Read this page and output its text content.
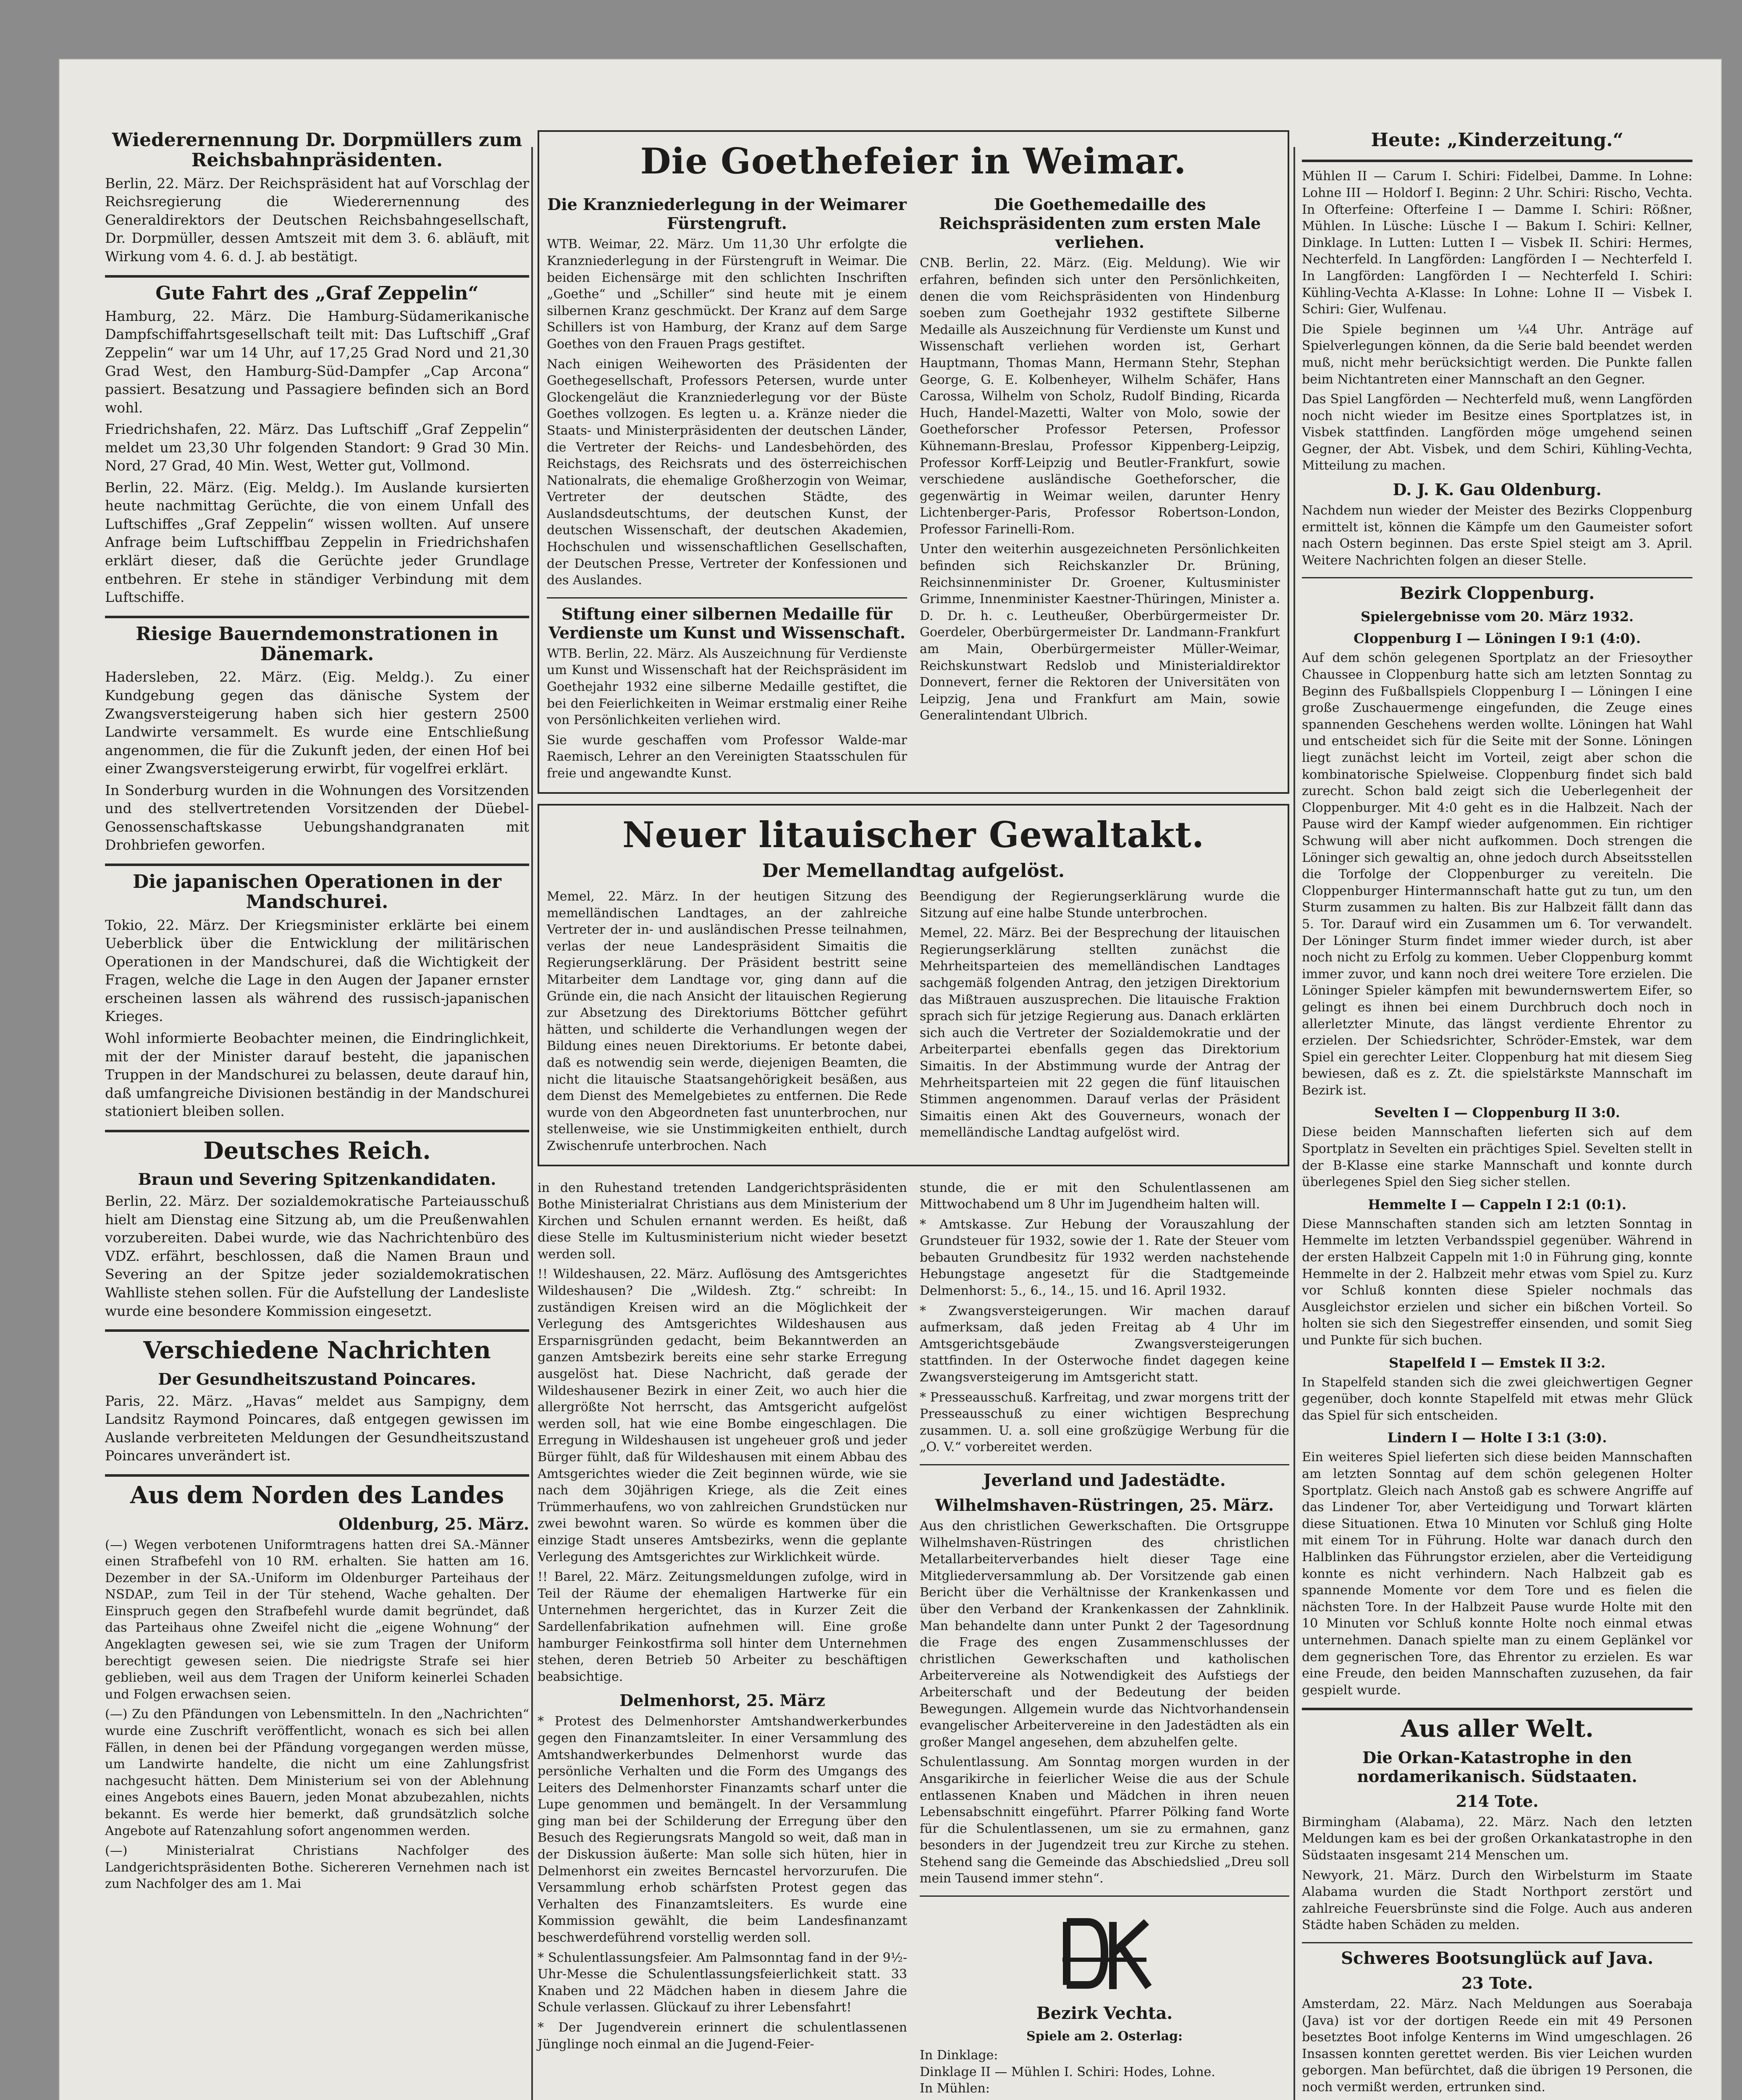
Wiederernennung Dr. Dorpmüllers zum Reichsbahnpräsidenten.

Berlin, 22. März. Der Reichspräsident hat auf Vorschlag der Reichsregierung die Wiederernennung des Generaldirektors der Deutschen Reichsbahngesellschaft, Dr. Dorpmüller, dessen Amtszeit mit dem 3. 6. abläuft, mit Wirkung vom 4. 6. d. J. ab bestätigt.

Gute Fahrt des „Graf Zeppelin“

Hamburg, 22. März. Die Hamburg-Südamerikanische Dampfschiffahrtsgesellschaft teilt mit: Das Luftschiff „Graf Zeppelin“ war um 14 Uhr, auf 17,25 Grad Nord und 21,30 Grad West, den Hamburg-Süd-Dampfer „Cap Arcona“ passiert. Besatzung und Passagiere befinden sich an Bord wohl.

Friedrichshafen, 22. März. Das Luftschiff „Graf Zeppelin“ meldet um 23,30 Uhr folgenden Standort: 9 Grad 30 Min. Nord, 27 Grad, 40 Min. West, Wetter gut, Vollmond.

Berlin, 22. März. (Eig. Meldg.). Im Auslande kursierten heute nachmittag Gerüchte, die von einem Unfall des Luftschiffes „Graf Zeppelin“ wissen wollten. Auf unsere Anfrage beim Luftschiffbau Zeppelin in Friedrichshafen erklärt dieser, daß die Gerüchte jeder Grundlage entbehren. Er stehe in ständiger Verbindung mit dem Luftschiffe.

Riesige Bauerndemonstrationen in Dänemark.

Hadersleben, 22. März. (Eig. Meldg.). Zu einer Kundgebung gegen das dänische System der Zwangsversteigerung haben sich hier gestern 2500 Landwirte versammelt. Es wurde eine Entschließung angenommen, die für die Zukunft jeden, der einen Hof bei einer Zwangsversteigerung erwirbt, für vogelfrei erklärt.

In Sonderburg wurden in die Wohnungen des Vorsitzenden und des stellvertretenden Vorsitzenden der Düebel-Genossenschaftskasse Uebungshandgranaten mit Drohbriefen geworfen.

Die japanischen Operationen in der Mandschurei.

Tokio, 22. März. Der Kriegsminister erklärte bei einem Ueberblick über die Entwicklung der militärischen Operationen in der Mandschurei, daß die Wichtigkeit der Fragen, welche die Lage in den Augen der Japaner ernster erscheinen lassen als während des russisch-japanischen Krieges.

Wohl informierte Beobachter meinen, die Eindringlichkeit, mit der der Minister darauf besteht, die japanischen Truppen in der Mandschurei zu belassen, deute darauf hin, daß umfangreiche Divisionen beständig in der Mandschurei stationiert bleiben sollen.

Deutsches Reich.
Braun und Severing Spitzenkandidaten.

Berlin, 22. März. Der sozialdemokratische Parteiausschuß hielt am Dienstag eine Sitzung ab, um die Preußenwahlen vorzubereiten. Dabei wurde, wie das Nachrichtenbüro des VDZ. erfährt, beschlossen, daß die Namen Braun und Severing an der Spitze jeder sozialdemokratischen Wahlliste stehen sollen. Für die Aufstellung der Landesliste wurde eine besondere Kommission eingesetzt.

Verschiedene Nachrichten
Der Gesundheitszustand Poincares.

Paris, 22. März. „Havas“ meldet aus Sampigny, dem Landsitz Raymond Poincares, daß entgegen gewissen im Auslande verbreiteten Meldungen der Gesundheitszustand Poincares unverändert ist.

Aus dem Norden des Landes
Oldenburg, 25. März.

(—) Wegen verbotenen Uniformtragens hatten drei SA.-Männer einen Strafbefehl von 10 RM. erhalten. Sie hatten am 16. Dezember in der SA.-Uniform im Oldenburger Parteihaus der NSDAP., zum Teil in der Tür stehend, Wache gehalten. Der Einspruch gegen den Strafbefehl wurde damit begründet, daß das Parteihaus ohne Zweifel nicht die „eigene Wohnung“ der Angeklagten gewesen sei, wie sie zum Tragen der Uniform berechtigt gewesen seien. Die niedrigste Strafe sei hier geblieben, weil aus dem Tragen der Uniform keinerlei Schaden und Folgen erwachsen seien.

(—) Zu den Pfändungen von Lebensmitteln. In den „Nachrichten“ wurde eine Zuschrift veröffentlicht, wonach es sich bei allen Fällen, in denen bei der Pfändung vorgegangen werden müsse, um Landwirte handelte, die nicht um eine Zahlungsfrist nachgesucht hätten. Dem Ministerium sei von der Ablehnung eines Angebots eines Bauern, jeden Monat abzubezahlen, nichts bekannt. Es werde hier bemerkt, daß grundsätzlich solche Angebote auf Ratenzahlung sofort angenommen werden.

(—) Ministerialrat Christians Nachfolger des Landgerichtspräsidenten Bothe. Sichereren Vernehmen nach ist zum Nachfolger des am 1. Mai

Die Goethefeier in Weimar.
Die Kranzniederlegung in der Weimarer Fürstengruft.

WTB. Weimar, 22. März. Um 11,30 Uhr erfolgte die Kranzniederlegung in der Fürstengruft in Weimar. Die beiden Eichensärge mit den schlichten Inschriften „Goethe“ und „Schiller“ sind heute mit je einem silbernen Kranz geschmückt. Der Kranz auf dem Sarge Schillers ist von Hamburg, der Kranz auf dem Sarge Goethes von den Frauen Prags gestiftet.

Nach einigen Weiheworten des Präsidenten der Goethegesellschaft, Professors Petersen, wurde unter Glockengeläut die Kranzniederlegung vor der Büste Goethes vollzogen. Es legten u. a. Kränze nieder die Staats- und Ministerpräsidenten der deutschen Länder, die Vertreter der Reichs- und Landesbehörden, des Reichstags, des Reichsrats und des österreichischen Nationalrats, die ehemalige Großherzogin von Weimar, Vertreter der deutschen Städte, des Auslandsdeutschtums, der deutschen Kunst, der deutschen Wissenschaft, der deutschen Akademien, Hochschulen und wissenschaftlichen Gesellschaften, der Deutschen Presse, Vertreter der Konfessionen und des Auslandes.

Stiftung einer silbernen Medaille für Verdienste um Kunst und Wissenschaft.

WTB. Berlin, 22. März. Als Auszeichnung für Verdienste um Kunst und Wissenschaft hat der Reichspräsident im Goethejahr 1932 eine silberne Medaille gestiftet, die bei den Feierlichkeiten in Weimar erstmalig einer Reihe von Persönlichkeiten verliehen wird.

Sie wurde geschaffen vom Professor Walde-mar Raemisch, Lehrer an den Vereinigten Staatsschulen für freie und angewandte Kunst.

Die Goethemedaille des Reichspräsidenten zum ersten Male verliehen.

CNB. Berlin, 22. März. (Eig. Meldung). Wie wir erfahren, befinden sich unter den Persönlichkeiten, denen die vom Reichspräsidenten von Hindenburg soeben zum Goethejahr 1932 gestiftete Silberne Medaille als Auszeichnung für Verdienste um Kunst und Wissenschaft verliehen worden ist, Gerhart Hauptmann, Thomas Mann, Hermann Stehr, Stephan George, G. E. Kolbenheyer, Wilhelm Schäfer, Hans Carossa, Wilhelm von Scholz, Rudolf Binding, Ricarda Huch, Handel-Mazetti, Walter von Molo, sowie der Goetheforscher Professor Petersen, Professor Kühnemann-Breslau, Professor Kippenberg-Leipzig, Professor Korff-Leipzig und Beutler-Frankfurt, sowie verschiedene ausländische Goetheforscher, die gegenwärtig in Weimar weilen, darunter Henry Lichtenberger-Paris, Professor Robertson-London, Professor Farinelli-Rom.

Unter den weiterhin ausgezeichneten Persönlichkeiten befinden sich Reichskanzler Dr. Brüning, Reichsinnenminister Dr. Groener, Kultusminister Grimme, Innenminister Kaestner-Thüringen, Minister a. D. Dr. h. c. Leutheußer, Oberbürgermeister Dr. Goerdeler, Oberbürgermeister Dr. Landmann-Frankfurt am Main, Oberbürgermeister Müller-Weimar, Reichskunstwart Redslob und Ministerialdirektor Donnevert, ferner die Rektoren der Universitäten von Leipzig, Jena und Frankfurt am Main, sowie Generalintendant Ulbrich.

Neuer litauischer Gewaltakt.
Der Memellandtag aufgelöst.

Memel, 22. März. In der heutigen Sitzung des memelländischen Landtages, an der zahlreiche Vertreter der in- und ausländischen Presse teilnahmen, verlas der neue Landespräsident Simaitis die Regierungserklärung. Der Präsident bestritt seine Mitarbeiter dem Landtage vor, ging dann auf die Gründe ein, die nach Ansicht der litauischen Regierung zur Absetzung des Direktoriums Böttcher geführt hätten, und schilderte die Verhandlungen wegen der Bildung eines neuen Direktoriums. Er betonte dabei, daß es notwendig sein werde, diejenigen Beamten, die nicht die litauische Staatsangehörigkeit besäßen, aus dem Dienst des Memelgebietes zu entfernen. Die Rede wurde von den Abgeordneten fast ununterbrochen, nur stellenweise, wie sie Unstimmigkeiten enthielt, durch Zwischenrufe unterbrochen. Nach

Beendigung der Regierungserklärung wurde die Sitzung auf eine halbe Stunde unterbrochen.

Memel, 22. März. Bei der Besprechung der litauischen Regierungserklärung stellten zunächst die Mehrheitsparteien des memelländischen Landtages sachgemäß folgenden Antrag, den jetzigen Direktorium das Mißtrauen auszusprechen. Die litauische Fraktion sprach sich für jetzige Regierung aus. Danach erklärten sich auch die Vertreter der Sozialdemokratie und der Arbeiterpartei ebenfalls gegen das Direktorium Simaitis. In der Abstimmung wurde der Antrag der Mehrheitsparteien mit 22 gegen die fünf litauischen Stimmen angenommen. Darauf verlas der Präsident Simaitis einen Akt des Gouverneurs, wonach der memelländische Landtag aufgelöst wird.

in den Ruhestand tretenden Landgerichtspräsidenten Bothe Ministerialrat Christians aus dem Ministerium der Kirchen und Schulen ernannt werden. Es heißt, daß diese Stelle im Kultusministerium nicht wieder besetzt werden soll.

!! Wildeshausen, 22. März. Auflösung des Amtsgerichtes Wildeshausen? Die „Wildesh. Ztg.“ schreibt: In zuständigen Kreisen wird an die Möglichkeit der Verlegung des Amtsgerichtes Wildeshausen aus Ersparnisgründen gedacht, beim Bekanntwerden an ganzen Amtsbezirk bereits eine sehr starke Erregung ausgelöst hat. Diese Nachricht, daß gerade der Wildeshausener Bezirk in einer Zeit, wo auch hier die allergrößte Not herrscht, das Amtsgericht aufgelöst werden soll, hat wie eine Bombe eingeschlagen. Die Erregung in Wildeshausen ist ungeheuer groß und jeder Bürger fühlt, daß für Wildeshausen mit einem Abbau des Amtsgerichtes wieder die Zeit beginnen würde, wie sie nach dem 30jährigen Kriege, als die Zeit eines Trümmerhaufens, wo von zahlreichen Grundstücken nur zwei bewohnt waren. So würde es kommen über die einzige Stadt unseres Amtsbezirks, wenn die geplante Verlegung des Amtsgerichtes zur Wirklichkeit würde.

!! Barel, 22. März. Zeitungsmeldungen zufolge, wird in Teil der Räume der ehemaligen Hartwerke für ein Unternehmen hergerichtet, das in Kurzer Zeit die Sardellenfabrikation aufnehmen will. Eine große hamburger Feinkostfirma soll hinter dem Unternehmen stehen, deren Betrieb 50 Arbeiter zu beschäftigen beabsichtige.

Delmenhorst, 25. März

* Protest des Delmenhorster Amtshandwerkerbundes gegen den Finanzamtsleiter. In einer Versammlung des Amtshandwerkerbundes Delmenhorst wurde das persönliche Verhalten und die Form des Umgangs des Leiters des Delmenhorster Finanzamts scharf unter die Lupe genommen und bemängelt. In der Versammlung ging man bei der Schilderung der Erregung über den Besuch des Regierungsrats Mangold so weit, daß man in der Diskussion äußerte: Man solle sich hüten, hier in Delmenhorst ein zweites Berncastel hervorzurufen. Die Versammlung erhob schärfsten Protest gegen das Verhalten des Finanzamtsleiters. Es wurde eine Kommission gewählt, die beim Landesfinanzamt beschwerdeführend vorstellig werden soll.

* Schulentlassungsfeier. Am Palmsonntag fand in der 9½-Uhr-Messe die Schulentlassungsfeierlichkeit statt. 33 Knaben und 22 Mädchen haben in diesem Jahre die Schule verlassen. Glückauf zu ihrer Lebensfahrt!

* Der Jugendverein erinnert die schulentlassenen Jünglinge noch einmal an die Jugend-Feier-

stunde, die er mit den Schulentlassenen am Mittwochabend um 8 Uhr im Jugendheim halten will.

* Amtskasse. Zur Hebung der Vorauszahlung der Grundsteuer für 1932, sowie der 1. Rate der Steuer vom bebauten Grundbesitz für 1932 werden nachstehende Hebungstage angesetzt für die Stadtgemeinde Delmenhorst: 5., 6., 14., 15. und 16. April 1932.

* Zwangsversteigerungen. Wir machen darauf aufmerksam, daß jeden Freitag ab 4 Uhr im Amtsgerichtsgebäude Zwangsversteigerungen stattfinden. In der Osterwoche findet dagegen keine Zwangsversteigerung im Amtsgericht statt.

* Presseausschuß. Karfreitag, und zwar morgens tritt der Presseausschuß zu einer wichtigen Besprechung zusammen. U. a. soll eine großzügige Werbung für die „O. V.“ vorbereitet werden.

Jeverland und Jadestädte.
Wilhelmshaven-Rüstringen, 25. März.

Aus den christlichen Gewerkschaften. Die Ortsgruppe Wilhelmshaven-Rüstringen des christlichen Metallarbeiterverbandes hielt dieser Tage eine Mitgliederversammlung ab. Der Vorsitzende gab einen Bericht über die Verhältnisse der Krankenkassen und über den Verband der Krankenkassen der Zahnklinik. Man behandelte dann unter Punkt 2 der Tagesordnung die Frage des engen Zusammenschlusses der christlichen Gewerkschaften und katholischen Arbeitervereine als Notwendigkeit des Aufstiegs der Arbeiterschaft und der Bedeutung der beiden Bewegungen. Allgemein wurde das Nichtvorhandensein evangelischer Arbeitervereine in den Jadestädten als ein großer Mangel angesehen, dem abzuhelfen gelte.

Schulentlassung. Am Sonntag morgen wurden in der Ansgarikirche in feierlicher Weise die aus der Schule entlassenen Knaben und Mädchen in ihren neuen Lebensabschnitt eingeführt. Pfarrer Pölking fand Worte für die Schulentlassenen, um sie zu ermahnen, ganz besonders in der Jugendzeit treu zur Kirche zu stehen. Stehend sang die Gemeinde das Abschiedslied „Dreu soll mein Tausend immer stehn“.

Bezirk Vechta.
Spiele am 2. Osterlag:

In Dinklage:

Dinklage II — Mühlen I. Schiri: Hodes, Lohne.

In Mühlen:

Heute: „Kinderzeitung.“

Mühlen II — Carum I. Schiri: Fidelbei, Damme. In Lohne: Lohne III — Holdorf I. Beginn: 2 Uhr. Schiri: Rischo, Vechta. In Ofterfeine: Ofterfeine I — Damme I. Schiri: Rößner, Mühlen. In Lüsche: Lüsche I — Bakum I. Schiri: Kellner, Dinklage. In Lutten: Lutten I — Visbek II. Schiri: Hermes, Nechterfeld. In Langförden: Langförden I — Nechterfeld I. In Langförden: Langförden I — Nechterfeld I. Schiri: Kühling-Vechta A-Klasse: In Lohne: Lohne II — Visbek I. Schiri: Gier, Wulfenau.

Die Spiele beginnen um ¼4 Uhr. Anträge auf Spielverlegungen können, da die Serie bald beendet werden muß, nicht mehr berücksichtigt werden. Die Punkte fallen beim Nichtantreten einer Mannschaft an den Gegner.

Das Spiel Langförden — Nechterfeld muß, wenn Langförden noch nicht wieder im Besitze eines Sportplatzes ist, in Visbek stattfinden. Langförden möge umgehend seinen Gegner, der Abt. Visbek, und dem Schiri, Kühling-Vechta, Mitteilung zu machen.

D. J. K. Gau Oldenburg.

Nachdem nun wieder der Meister des Bezirks Cloppenburg ermittelt ist, können die Kämpfe um den Gaumeister sofort nach Ostern beginnen. Das erste Spiel steigt am 3. April. Weitere Nachrichten folgen an dieser Stelle.

Bezirk Cloppenburg.
Spielergebnisse vom 20. März 1932.
Cloppenburg I — Löningen I 9:1 (4:0).

Auf dem schön gelegenen Sportplatz an der Friesoyther Chaussee in Cloppenburg hatte sich am letzten Sonntag zu Beginn des Fußballspiels Cloppenburg I — Löningen I eine große Zuschauermenge eingefunden, die Zeuge eines spannenden Geschehens werden wollte. Löningen hat Wahl und entscheidet sich für die Seite mit der Sonne. Löningen liegt zunächst leicht im Vorteil, zeigt aber schon die kombinatorische Spielweise. Cloppenburg findet sich bald zurecht. Schon bald zeigt sich die Ueberlegenheit der Cloppenburger. Mit 4:0 geht es in die Halbzeit. Nach der Pause wird der Kampf wieder aufgenommen. Ein richtiger Schwung will aber nicht aufkommen. Doch strengen die Löninger sich gewaltig an, ohne jedoch durch Abseitsstellen die Torfolge der Cloppenburger zu vereiteln. Die Cloppenburger Hintermannschaft hatte gut zu tun, um den Sturm zusammen zu halten. Bis zur Halbzeit fällt dann das 5. Tor. Darauf wird ein Zusammen um 6. Tor verwandelt. Der Löninger Sturm findet immer wieder durch, ist aber noch nicht zu Erfolg zu kommen. Ueber Cloppenburg kommt immer zuvor, und kann noch drei weitere Tore erzielen. Die Löninger Spieler kämpfen mit bewundernswertem Eifer, so gelingt es ihnen bei einem Durchbruch doch noch in allerletzter Minute, das längst verdiente Ehrentor zu erzielen. Der Schiedsrichter, Schröder-Emstek, war dem Spiel ein gerechter Leiter. Cloppenburg hat mit diesem Sieg bewiesen, daß es z. Zt. die spielstärkste Mannschaft im Bezirk ist.

Sevelten I — Cloppenburg II 3:0.

Diese beiden Mannschaften lieferten sich auf dem Sportplatz in Sevelten ein prächtiges Spiel. Sevelten stellt in der B-Klasse eine starke Mannschaft und konnte durch überlegenes Spiel den Sieg sicher stellen.

Hemmelte I — Cappeln I 2:1 (0:1).

Diese Mannschaften standen sich am letzten Sonntag in Hemmelte im letzten Verbandsspiel gegenüber. Während in der ersten Halbzeit Cappeln mit 1:0 in Führung ging, konnte Hemmelte in der 2. Halbzeit mehr etwas vom Spiel zu. Kurz vor Schluß konnten diese Spieler nochmals das Ausgleichstor erzielen und sicher ein bißchen Vorteil. So holten sie sich den Siegestreffer einsenden, und somit Sieg und Punkte für sich buchen.

Stapelfeld I — Emstek II 3:2.

In Stapelfeld standen sich die zwei gleichwertigen Gegner gegenüber, doch konnte Stapelfeld mit etwas mehr Glück das Spiel für sich entscheiden.

Lindern I — Holte I 3:1 (3:0).

Ein weiteres Spiel lieferten sich diese beiden Mannschaften am letzten Sonntag auf dem schön gelegenen Holter Sportplatz. Gleich nach Anstoß gab es schwere Angriffe auf das Lindener Tor, aber Verteidigung und Torwart klärten diese Situationen. Etwa 10 Minuten vor Schluß ging Holte mit einem Tor in Führung. Holte war danach durch den Halblinken das Führungstor erzielen, aber die Verteidigung konnte es nicht verhindern. Nach Halbzeit gab es spannende Momente vor dem Tore und es fielen die nächsten Tore. In der Halbzeit Pause wurde Holte mit den 10 Minuten vor Schluß konnte Holte noch einmal etwas unternehmen. Danach spielte man zu einem Geplänkel vor dem gegnerischen Tore, das Ehrentor zu erzielen. Es war eine Freude, den beiden Mannschaften zuzusehen, da fair gespielt wurde.

Aus aller Welt.
Die Orkan-Katastrophe in den nordamerikanisch. Südstaaten.
214 Tote.

Birmingham (Alabama), 22. März. Nach den letzten Meldungen kam es bei der großen Orkankatastrophe in den Südstaaten insgesamt 214 Menschen um.

Newyork, 21. März. Durch den Wirbelsturm im Staate Alabama wurden die Stadt Northport zerstört und zahlreiche Feuersbrünste sind die Folge. Auch aus anderen Städte haben Schäden zu melden.

Schweres Bootsunglück auf Java.
23 Tote.

Amsterdam, 22. März. Nach Meldungen aus Soerabaja (Java) ist vor der dortigen Reede ein mit 49 Personen besetztes Boot infolge Kenterns im Wind umgeschlagen. 26 Insassen konnten gerettet werden. Bis vier Leichen wurden geborgen. Man befürchtet, daß die übrigen 19 Personen, die noch vermißt werden, ertrunken sind.
